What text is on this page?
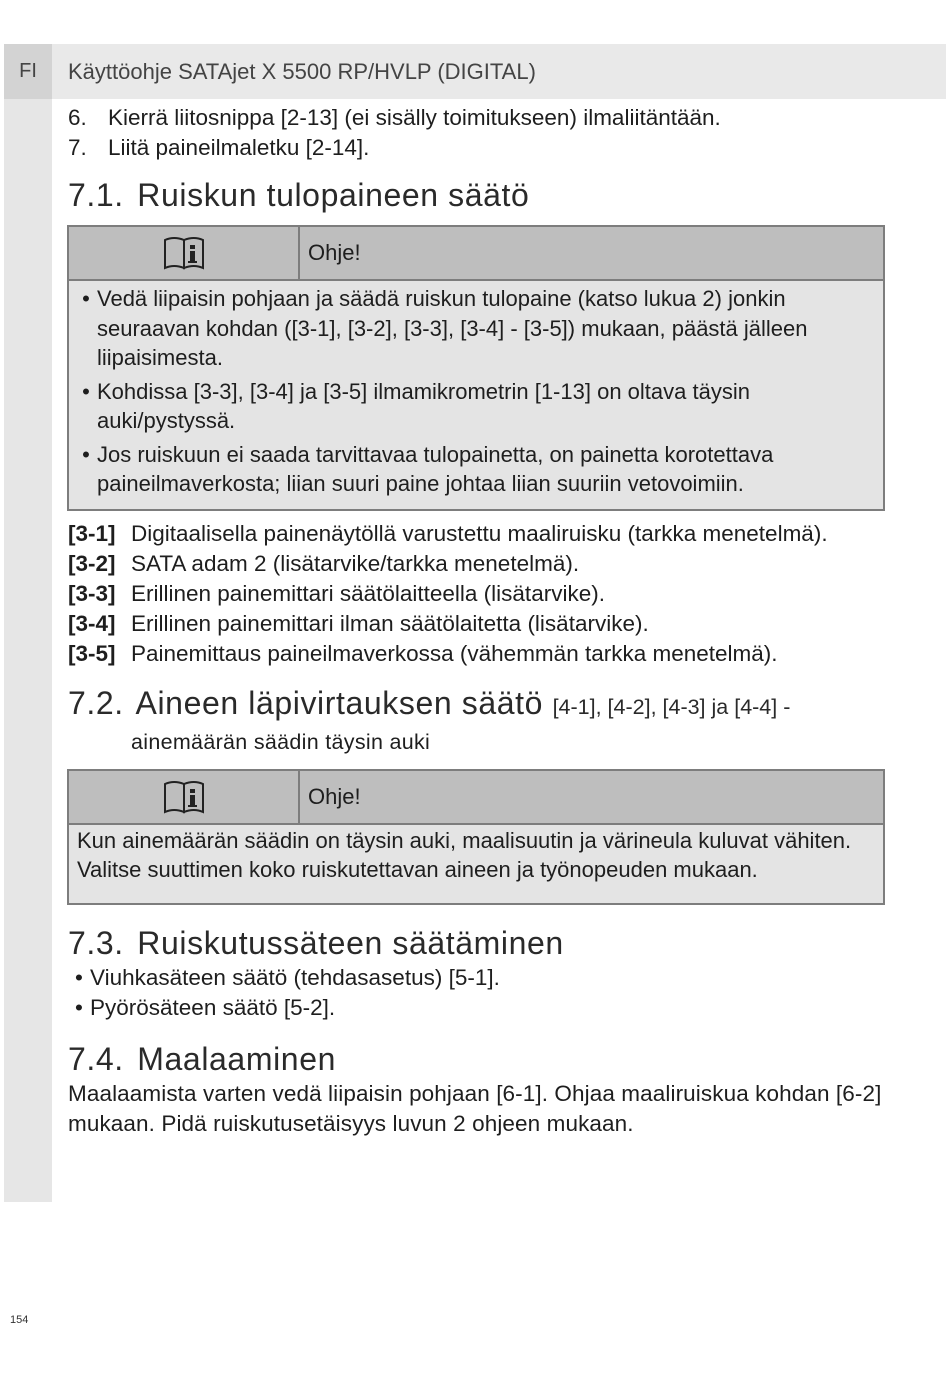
FI	Käyttöohje SATAjet X 5500 RP/HVLP (DIGITAL)
6. Kierrä liitosnippa [2-13] (ei sisälly toimitukseen) ilmaliitäntään.
7. Liitä paineilmaletku [2-14].
7.1. Ruiskun tulopaineen säätö
Ohje!
• Vedä liipaisin pohjaan ja säädä ruiskun tulopaine (katso lukua 2) jonkin seuraavan kohdan ([3-1], [3-2], [3-3], [3-4] - [3-5]) mukaan, päästä jälleen liipaisimesta.
• Kohdissa [3-3], [3-4] ja [3-5] ilmamikrometrin [1-13] on oltava täysin auki/pystyssä.
• Jos ruiskuun ei saada tarvittavaa tulopainetta, on painetta korotettava paineilmaverkosta; liian suuri paine johtaa liian suuriin vetovoimiin.
[3-1] Digitaalisella painenäytöllä varustettu maaliruisku (tarkka menetelmä).
[3-2] SATA adam 2 (lisätarvike/tarkka menetelmä).
[3-3] Erillinen painemittari säätölaitteella (lisätarvike).
[3-4] Erillinen painemittari ilman säätölaitetta (lisätarvike).
[3-5] Painemittaus paineilmaverkossa (vähemmän tarkka menetelmä).
7.2. Aineen läpivirtauksen säätö [4-1], [4-2], [4-3] ja [4-4] -
ainemäärän säädin täysin auki
Ohje!
Kun ainemäärän säädin on täysin auki, maalisuutin ja värineula kuluvat vähiten. Valitse suuttimen koko ruiskutettavan aineen ja työnopeuden mukaan.
7.3. Ruiskutussäteen säätäminen
• Viuhkasäteen säätö (tehdasasetus) [5-1].
• Pyörösäteen säätö [5-2].
7.4. Maalaaminen
Maalaamista varten vedä liipaisin pohjaan [6-1]. Ohjaa maaliruiskua kohdan [6-2] mukaan. Pidä ruiskutusetäisyys luvun 2 ohjeen mukaan.
154
